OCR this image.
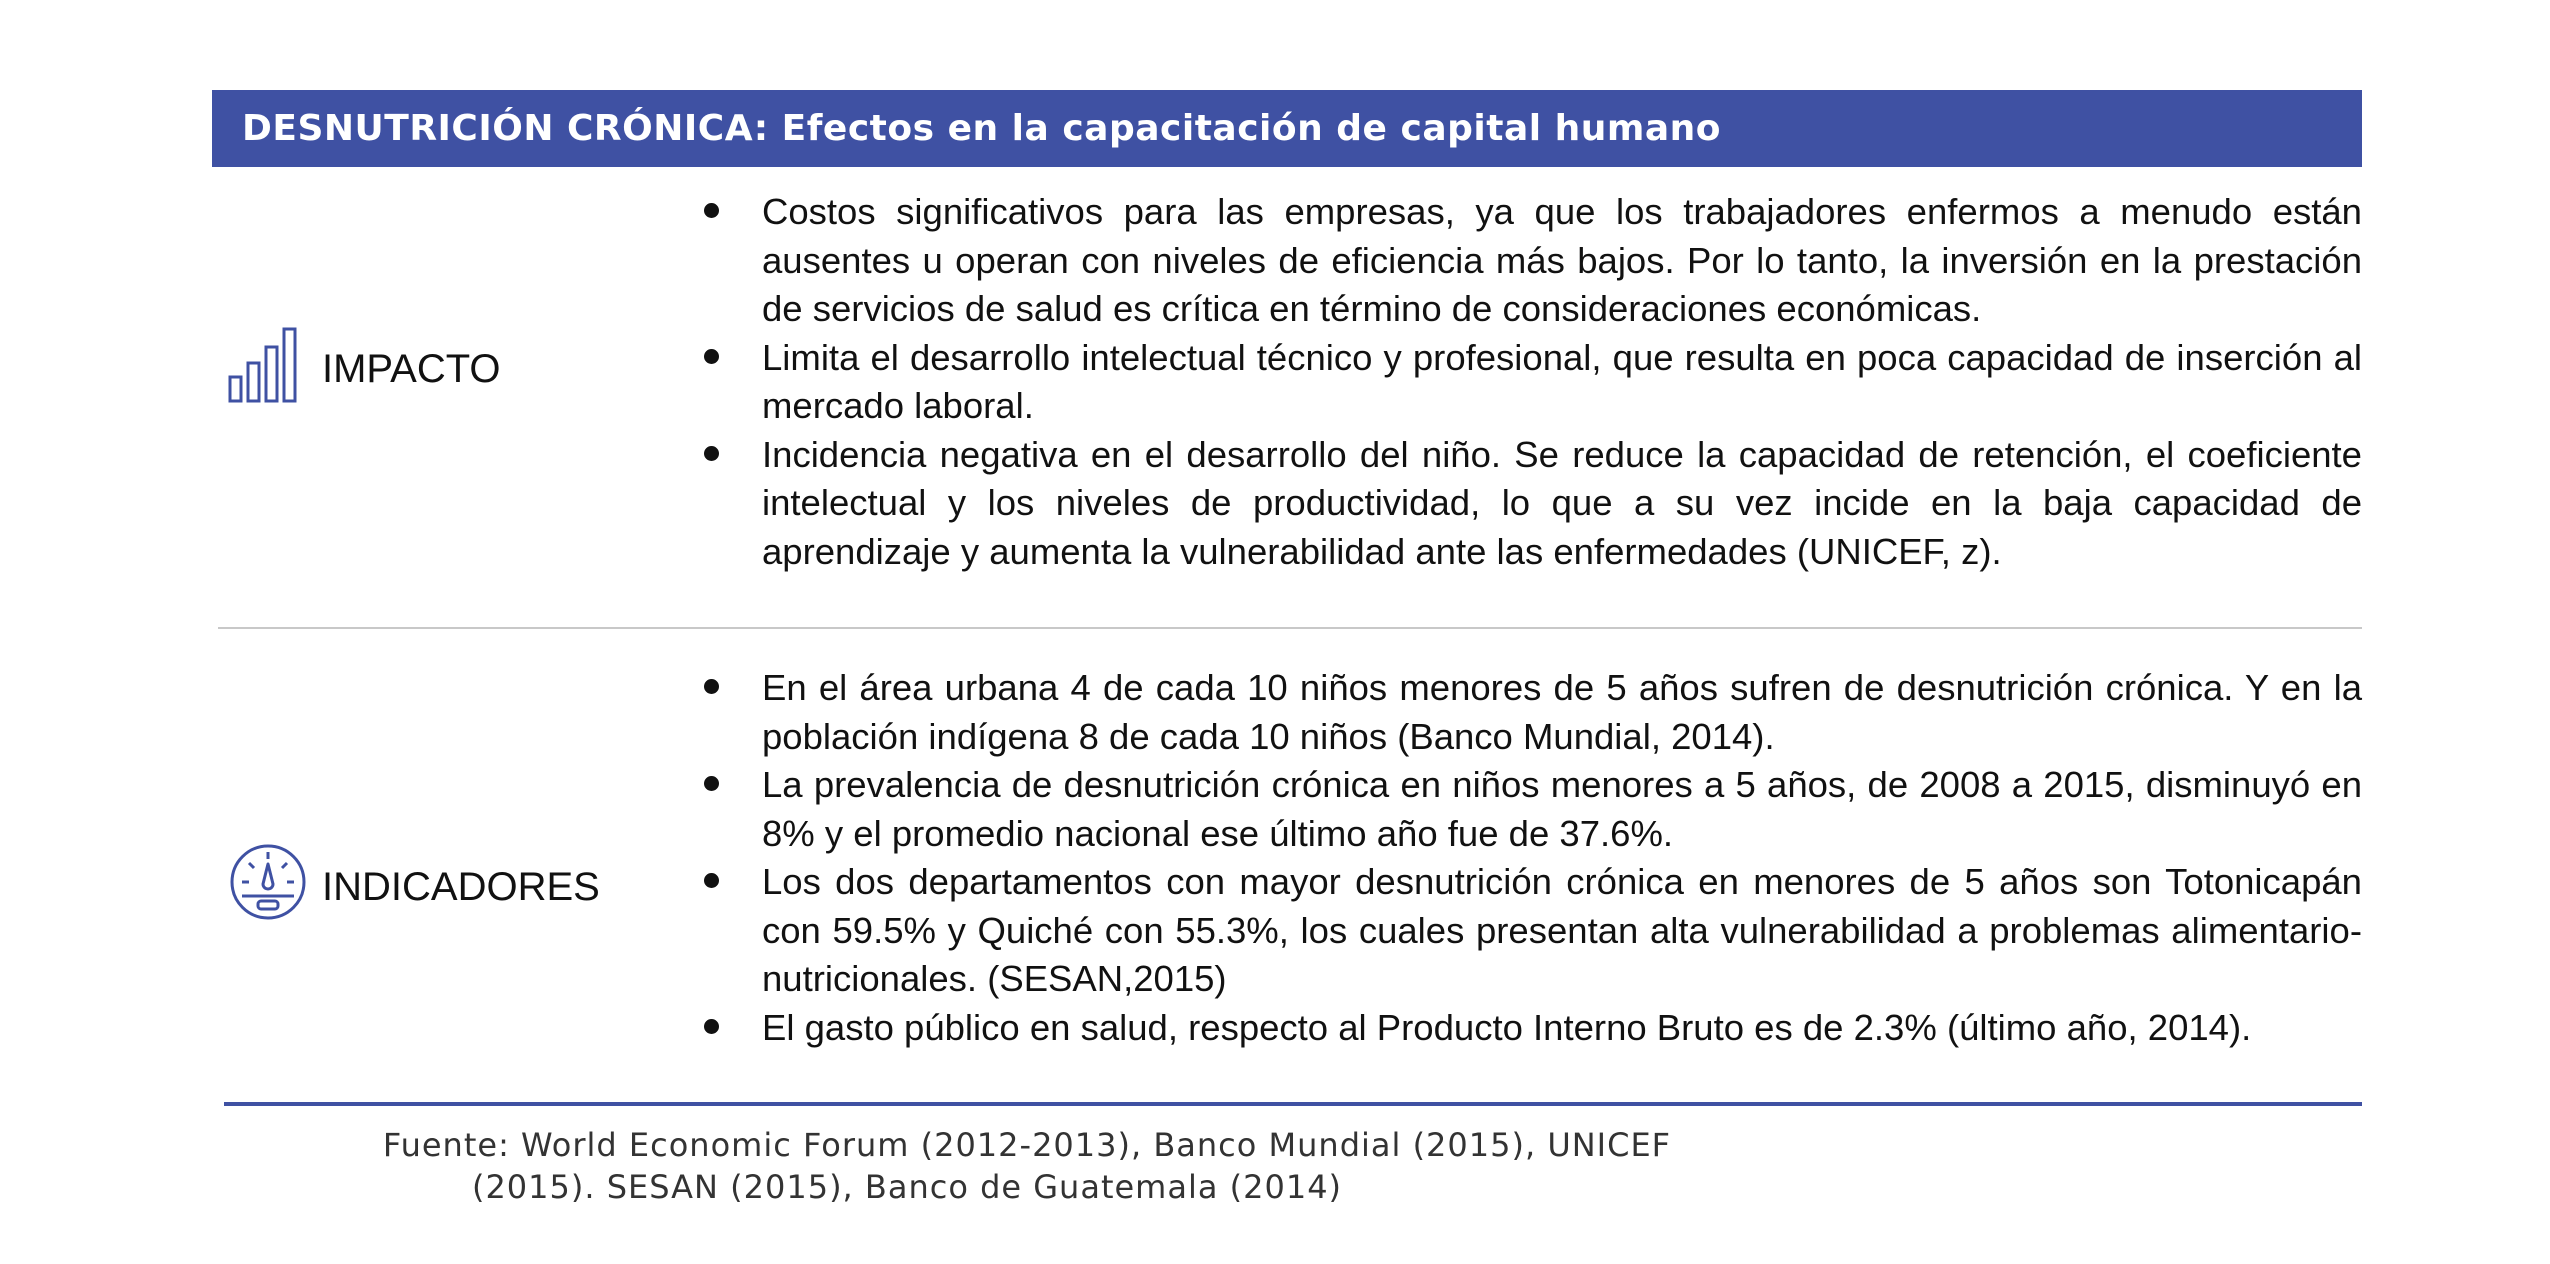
DESNUTRICIÓN CRÓNICA: Efectos en la capacitación de capital humano
IMPACTO
Costos significativos para las empresas, ya que los trabajadores enfermos a menudo están ausentes u operan con niveles de eficiencia más bajos. Por lo tanto, la inversión en la prestación de servicios de salud es crítica en término de consideraciones económicas.
Limita el desarrollo intelectual técnico y profesional, que resulta en poca capacidad de inserción al mercado laboral.
Incidencia negativa en el desarrollo del niño. Se reduce la capacidad de retención, el coeficiente intelectual y los niveles de productividad, lo que a su vez incide en la baja capacidad de aprendizaje y aumenta la vulnerabilidad ante las enfermedades (UNICEF, z).
INDICADORES
En el área urbana 4 de cada 10 niños menores de 5 años sufren de desnutrición crónica. Y en la población indígena 8 de cada 10 niños (Banco Mundial, 2014).
La prevalencia de desnutrición crónica en niños menores a 5 años, de 2008 a 2015, disminuyó en 8% y el promedio nacional ese último año fue de 37.6%.
Los dos departamentos con mayor desnutrición crónica en menores de 5 años son Totonicapán con 59.5% y Quiché con 55.3%, los cuales presentan alta vulnerabilidad a problemas alimentario-nutricionales. (SESAN,2015)
El gasto público en salud, respecto al Producto Interno Bruto es de 2.3% (último año, 2014).
Fuente: World Economic Forum (2012-2013), Banco Mundial (2015), UNICEF
(2015). SESAN (2015), Banco de Guatemala (2014)
